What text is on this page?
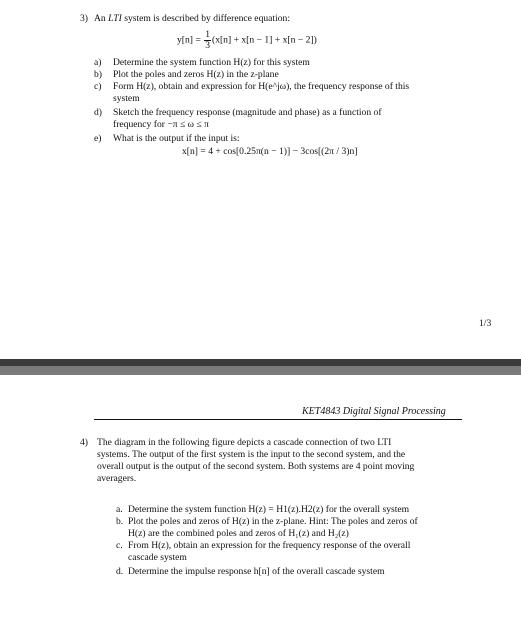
3) An LTI system is described by difference equation:
$y[n] = \frac{1}{3} (x[n] + x[n - 1] + x[n - 2])$
a)	Determine the system function H(z) for this system
b)	Plot the poles and zeros H(z) in the z-plane
c)	Form H(z), obtain and expression for H(e^jω), the frequency response of this
system
d)	Sketch the frequency response (magnitude and phase) as a function of
frequency for −π ≤ ω ≤ π
e)	What is the output if the input is:
x[n] = 4 + cos[0.25π(n − 1)] − 3cos[(2π / 3)n]
1/3
KET4843 Digital Signal Processing
4) The diagram in the following figure depicts a cascade connection of two LTI
systems. The output of the first system is the input to the second system, and the
overall output is the output of the second system. Both systems are 4 point moving
averagers.
a. Determine the system function H(z) = H1(z).H2(z) for the overall system
b. Plot the poles and zeros of H(z) in the z-plane. Hint: The poles and zeros of
H(z) are the combined poles and zeros of H₁(z) and H₂(z)
c. From H(z), obtain an expression for the frequency response of the overall
cascade system
d. Determine the impulse response h[n] of the overall cascade system
